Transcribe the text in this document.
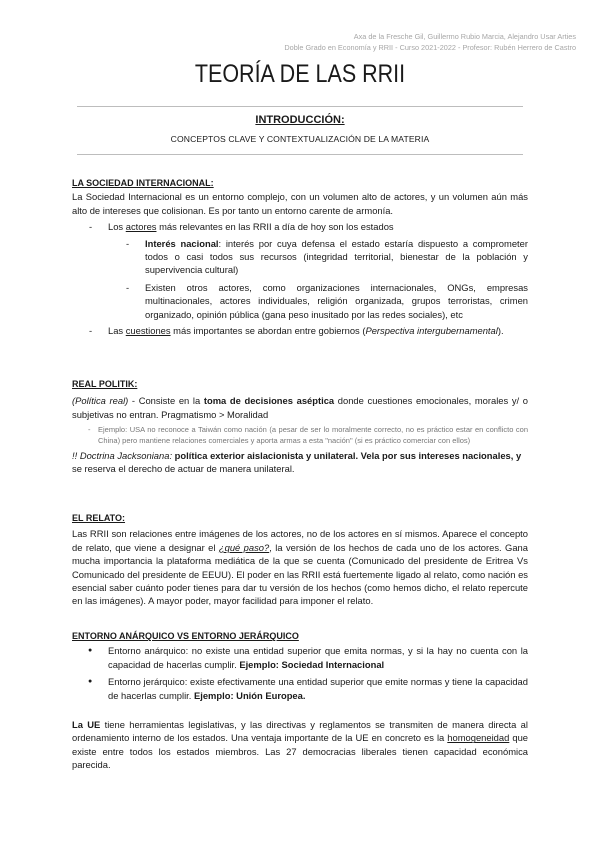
Axa de la Fresche Gil, Guillermo Rubio Marcia, Alejandro Usar Arties
Doble Grado en Economía y RRII - Curso 2021-2022 - Profesor: Rubén Herrero de Castro
TEORÍA DE LAS RRII
INTRODUCCIÓN:
CONCEPTOS CLAVE Y CONTEXTUALIZACIÓN DE LA MATERIA
LA SOCIEDAD INTERNACIONAL:

La Sociedad Internacional es un entorno complejo, con un volumen alto de actores, y un volumen aún más alto de intereses que colisionan. Es por tanto un entorno carente de armonía.

- Los actores más relevantes en las RRII a día de hoy son los estados
- Interés nacional: interés por cuya defensa el estado estaría dispuesto a comprometer todos o casi todos sus recursos (integridad territorial, bienestar de la población y supervivencia cultural)
- Existen otros actores, como organizaciones internacionales, ONGs, empresas multinacionales, actores individuales, religión organizada, grupos terroristas, crimen organizado, opinión pública (gana peso inusitado por las redes sociales), etc
- Las cuestiones más importantes se abordan entre gobiernos (Perspectiva intergubernamental).
REAL POLITIK:

(Política real) - Consiste en la toma de decisiones aséptica donde cuestiones emocionales, morales y/ o subjetivas no entran. Pragmatismo > Moralidad

- Ejemplo: USA no reconoce a Taiwán como nación (a pesar de ser lo moralmente correcto, no es práctico estar en conflicto con China) pero mantiene relaciones comerciales y aporta armas a esta "nación" (si es práctico comerciar con ellos)

!! Doctrina Jacksoniana: política exterior aislacionista y unilateral. Vela por sus intereses nacionales, y
se reserva el derecho de actuar de manera unilateral.

EL RELATO:

Las RRII son relaciones entre imágenes de los actores, no de los actores en sí mismos. Aparece el concepto de relato, que viene a designar el ¿qué paso?, la versión de los hechos de cada uno de los actores. Gana mucha importancia la plataforma mediática de la que se cuenta (Comunicado del presidente de Eritrea Vs Comunicado del presidente de EEUU). El poder en las RRII está fuertemente ligado al relato, como nación es esencial saber cuánto poder tienes para dar tu versión de los hechos (como hemos dicho, el relato repercute en las imágenes). A mayor poder, mayor facilidad para imponer el relato.

ENTORNO ANÁRQUICO VS ENTORNO JERÁRQUICO
● Entorno anárquico: no existe una entidad superior que emita normas, y si la hay no cuenta con la capacidad de hacerlas cumplir. Ejemplo: Sociedad Internacional
● Entorno jerárquico: existe efectivamente una entidad superior que emite normas y tiene la capacidad de hacerlas cumplir. Ejemplo: Unión Europea.

La UE tiene herramientas legislativas, y las directivas y reglamentos se transmiten de manera directa al ordenamiento interno de los estados. Una ventaja importante de la UE en concreto es la homogeneidad que existe entre todos los estados miembros. Las 27 democracias liberales tienen capacidad económica parecida.
